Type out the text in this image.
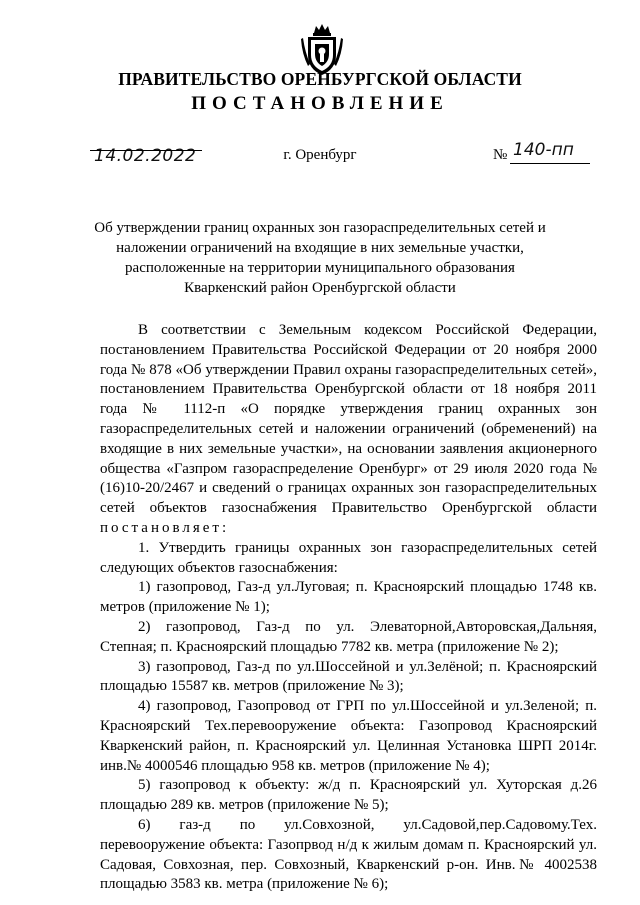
ПРАВИТЕЛЬСТВО ОРЕНБУРГСКОЙ ОБЛАСТИ
ПОСТАНОВЛЕНИЕ
14.02.2022	г. Оренбург	№ 140-пп
Об утверждении границ охранных зон газораспределительных сетей и
наложении ограничений на входящие в них земельные участки,
расположенные на территории муниципального образования
Кваркенский район Оренбургской области

В соответствии с Земельным кодексом Российской Федерации, постановлением Правительства Российской Федерации от 20 ноября 2000 года № 878 «Об утверждении Правил охраны газораспределительных сетей», постановлением Правительства Оренбургской области от 18 ноября 2011 года № 1112-п «О порядке утверждения границ охранных зон газораспределительных сетей и наложении ограничений (обременений) на входящие в них земельные участки», на основании заявления акционерного общества «Газпром газораспределение Оренбург» от 29 июля 2020 года № (16)10-20/2467 и сведений о границах охранных зон газораспределительных сетей объектов газоснабжения Правительство Оренбургской области постановляет:

1. Утвердить границы охранных зон газораспределительных сетей следующих объектов газоснабжения:

1) газопровод, Газ-д ул.Луговая; п. Красноярский площадью 1748 кв. метров (приложение № 1);

2) газопровод, Газ-д по ул. Элеваторной,Авторовская,Дальняя, Степная; п. Красноярский площадью 7782 кв. метра (приложение № 2);

3) газопровод, Газ-д по ул.Шоссейной и ул.Зелёной; п. Красноярский площадью 15587 кв. метров (приложение № 3);

4) газопровод, Газопровод от ГРП по ул.Шоссейной и ул.Зеленой; п. Красноярский Тех.перевооружение объекта: Газопровод Красноярский Кваркенский район, п. Красноярский ул. Целинная Установка ШРП 2014г. инв.№ 4000546 площадью 958 кв. метров (приложение № 4);

5) газопровод к объекту: ж/д п. Красноярский ул. Хуторская д.26 площадью 289 кв. метров (приложение № 5);

6) газ-д по ул.Совхозной, ул.Садовой,пер.Садовому.Тех. перевооружение объекта: Газопрвод н/д к жилым домам п. Красноярский ул. Садовая, Совхозная, пер. Совхозный, Кваркенский р-он. Инв.№ 4002538 площадью 3583 кв. метра (приложение № 6);
